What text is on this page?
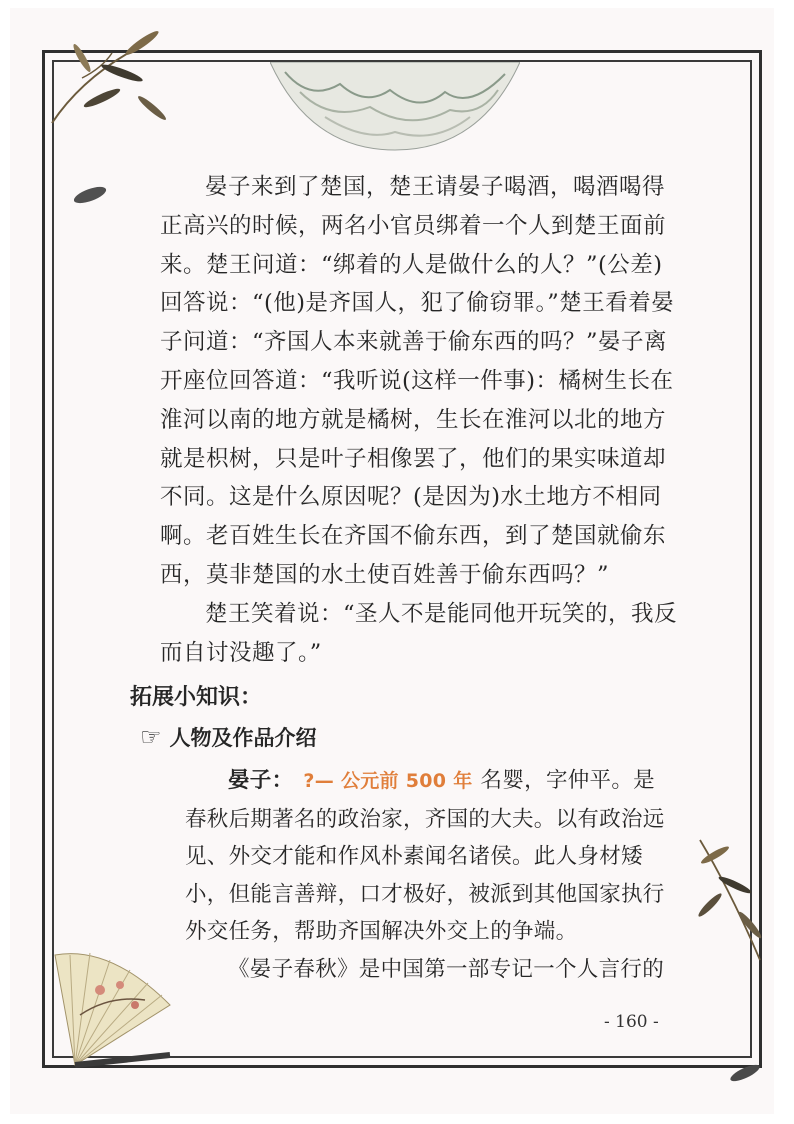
晏子来到了楚国，楚王请晏子喝酒，喝酒喝得正高兴的时候，两名小官员绑着一个人到楚王面前来。楚王问道：“绑着的人是做什么的人？”(公差)回答说：“(他)是齐国人，犯了偷窃罪。”楚王看着晏子问道：“齐国人本来就善于偷东西的吗？”晏子离开座位回答道：“我听说(这样一件事)：橘树生长在淮河以南的地方就是橘树，生长在淮河以北的地方就是枳树，只是叶子相像罢了，他们的果实味道却不同。这是什么原因呢？(是因为)水土地方不相同啊。老百姓生长在齐国不偷东西，到了楚国就偷东西，莫非楚国的水土使百姓善于偷东西吗？”

楚王笑着说：“圣人不是能同他开玩笑的，我反而自讨没趣了。”

拓展小知识：
☞ 人物及作品介绍

晏子： ?— 公元前 500 年 名婴，字仲平。是春秋后期著名的政治家，齐国的大夫。以有政治远见、外交才能和作风朴素闻名诸侯。此人身材矮小，但能言善辩，口才极好，被派到其他国家执行外交任务，帮助齐国解决外交上的争端。

《晏子春秋》是中国第一部专记一个人言行的

- 160 -
